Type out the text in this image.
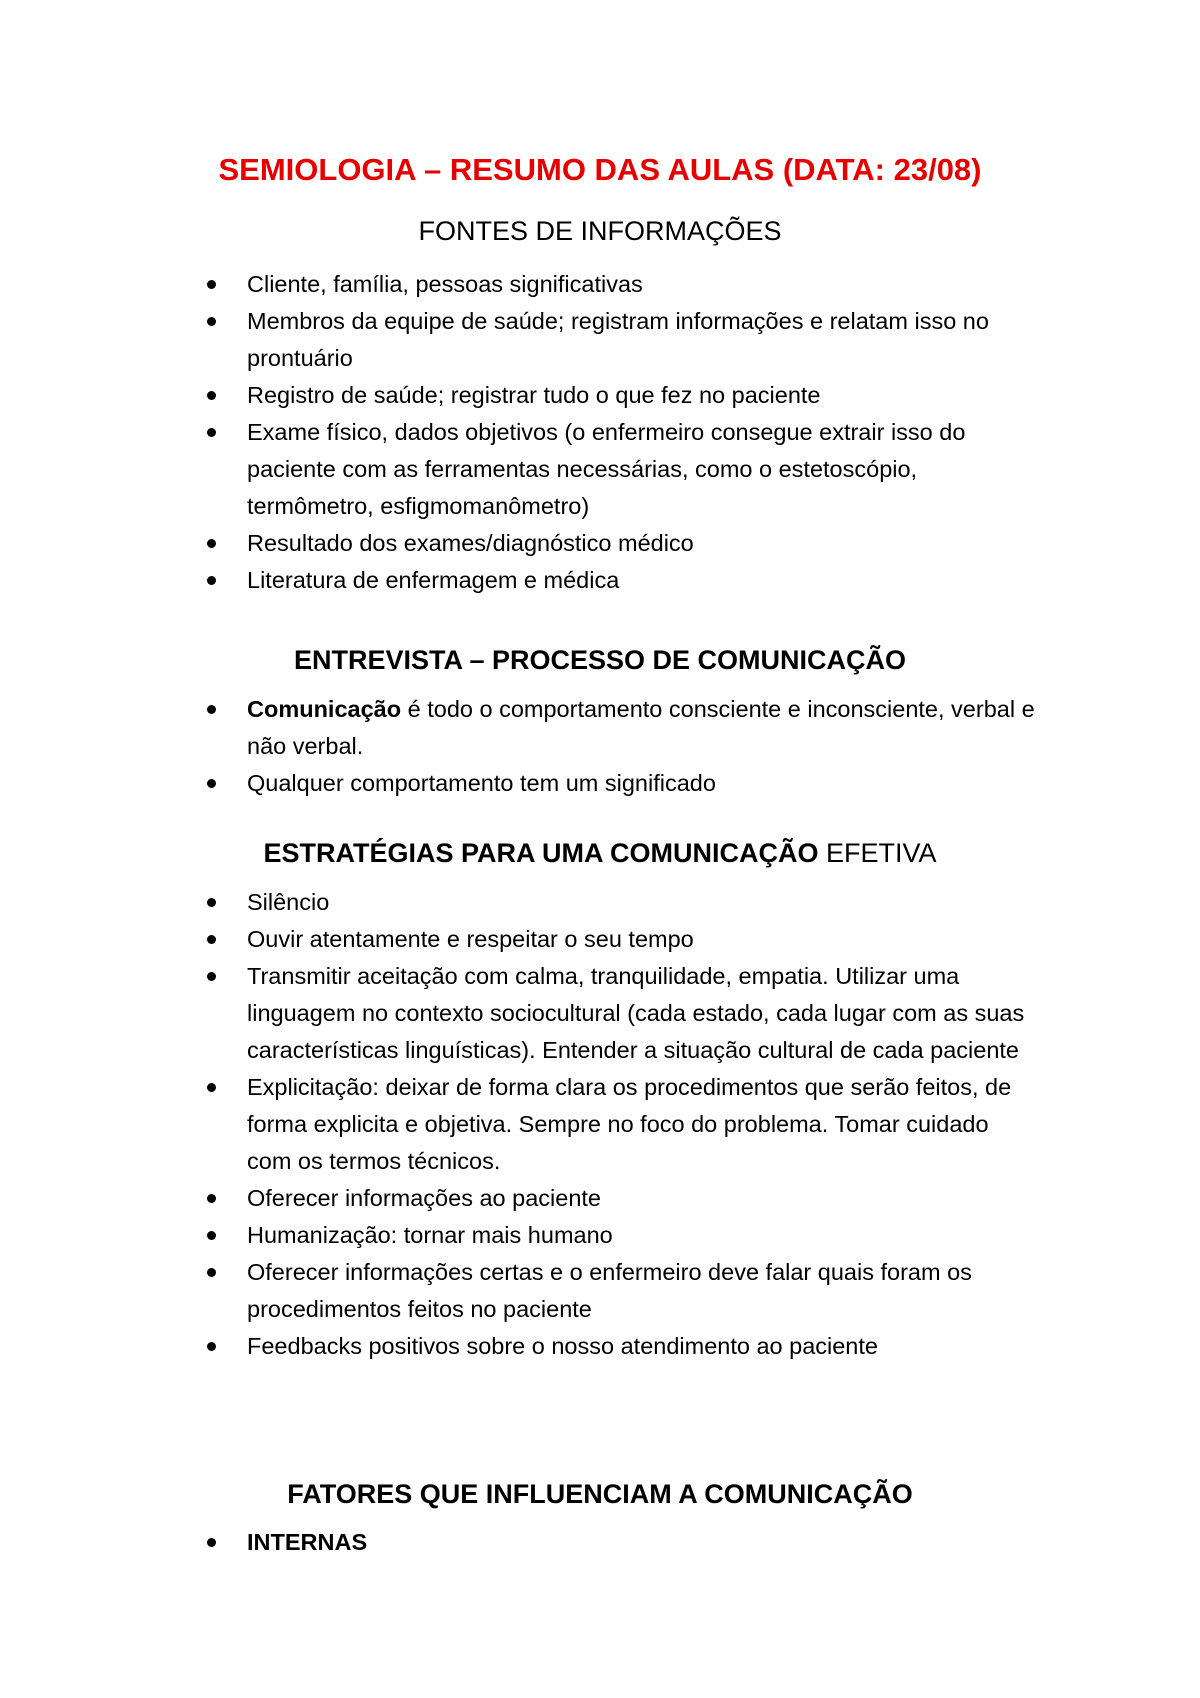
SEMIOLOGIA – RESUMO DAS AULAS (DATA: 23/08)
FONTES DE INFORMAÇÕES
Cliente, família, pessoas significativas
Membros da equipe de saúde; registram informações e relatam isso no prontuário
Registro de saúde; registrar tudo o que fez no paciente
Exame físico, dados objetivos (o enfermeiro consegue extrair isso do paciente com as ferramentas necessárias, como o estetoscópio, termômetro, esfigmomanômetro)
Resultado dos exames/diagnóstico médico
Literatura de enfermagem e médica
ENTREVISTA – PROCESSO DE COMUNICAÇÃO
Comunicação é todo o comportamento consciente e inconsciente, verbal e não verbal.
Qualquer comportamento tem um significado
ESTRATÉGIAS PARA UMA COMUNICAÇÃO EFETIVA
Silêncio
Ouvir atentamente e respeitar o seu tempo
Transmitir aceitação com calma, tranquilidade, empatia. Utilizar uma linguagem no contexto sociocultural (cada estado, cada lugar com as suas características linguísticas). Entender a situação cultural de cada paciente
Explicitação: deixar de forma clara os procedimentos que serão feitos, de forma explicita e objetiva. Sempre no foco do problema. Tomar cuidado com os termos técnicos.
Oferecer informações ao paciente
Humanização: tornar mais humano
Oferecer informações certas e o enfermeiro deve falar quais foram os procedimentos feitos no paciente
Feedbacks positivos sobre o nosso atendimento ao paciente
FATORES QUE INFLUENCIAM A COMUNICAÇÃO
INTERNAS
